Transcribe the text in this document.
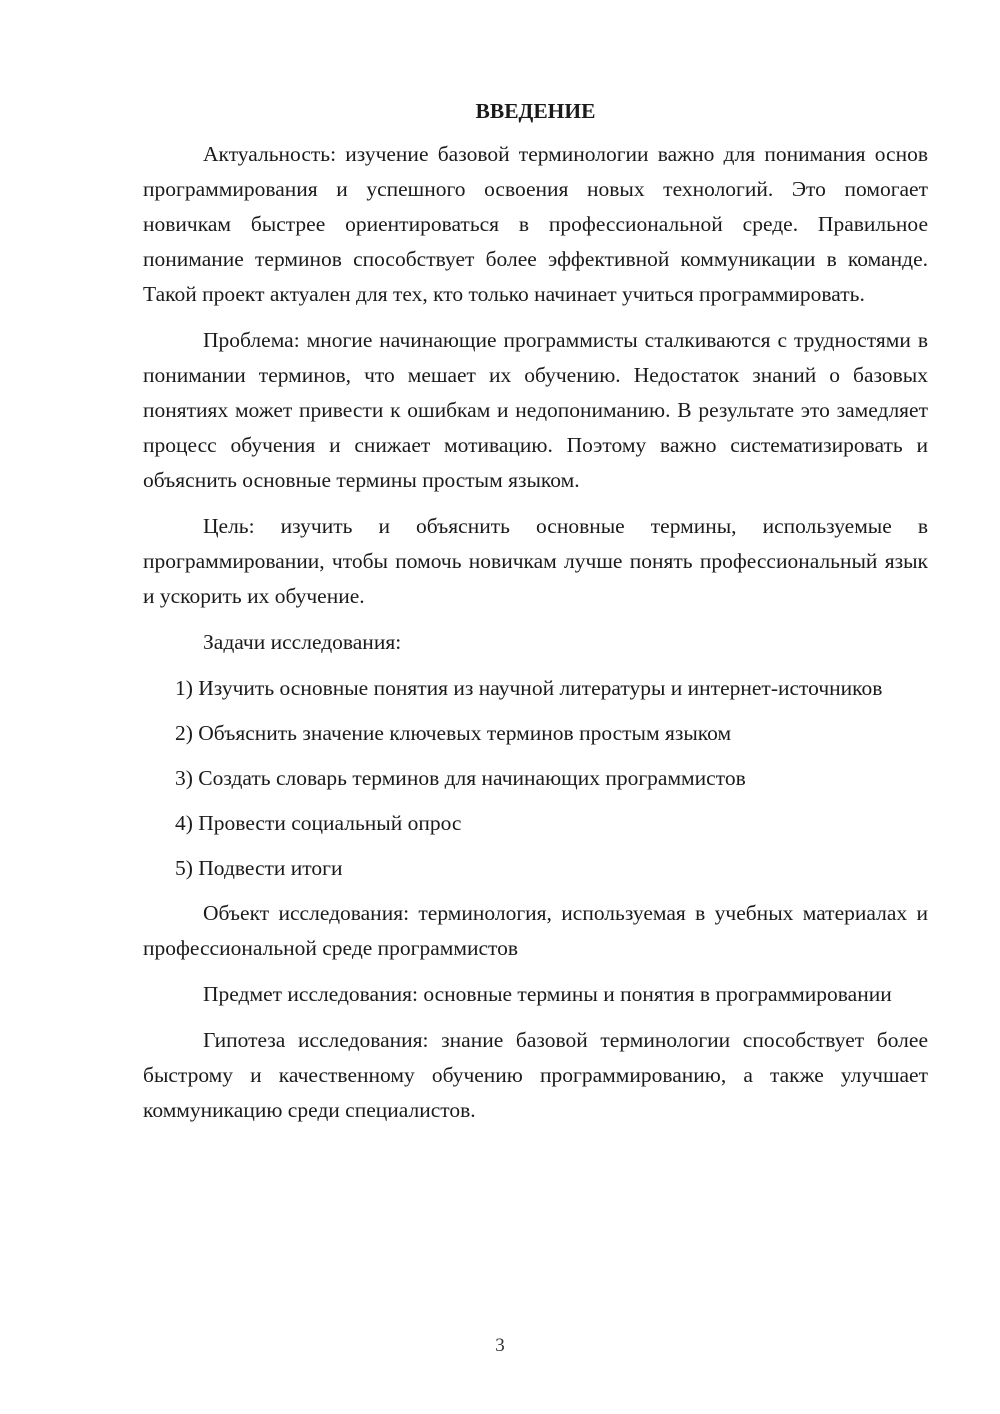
ВВЕДЕНИЕ

Актуальность: изучение базовой терминологии важно для понимания основ программирования и успешного освоения новых технологий. Это помогает новичкам быстрее ориентироваться в профессиональной среде. Правильное понимание терминов способствует более эффективной коммуникации в команде. Такой проект актуален для тех, кто только начинает учиться программировать.

Проблема: многие начинающие программисты сталкиваются с трудностями в понимании терминов, что мешает их обучению. Недостаток знаний о базовых понятиях может привести к ошибкам и недопониманию. В результате это замедляет процесс обучения и снижает мотивацию. Поэтому важно систематизировать и объяснить основные термины простым языком.

Цель: изучить и объяснить основные термины, используемые в программировании, чтобы помочь новичкам лучше понять профессиональный язык и ускорить их обучение.

Задачи исследования:

1) Изучить основные понятия из научной литературы и интернет-источников

2) Объяснить значение ключевых терминов простым языком

3) Создать словарь терминов для начинающих программистов

4) Провести социальный опрос

5) Подвести итоги

Объект исследования: терминология, используемая в учебных материалах и профессиональной среде программистов

Предмет исследования: основные термины и понятия в программировании

Гипотеза исследования: знание базовой терминологии способствует более быстрому и качественному обучению программированию, а также улучшает коммуникацию среди специалистов.

3
